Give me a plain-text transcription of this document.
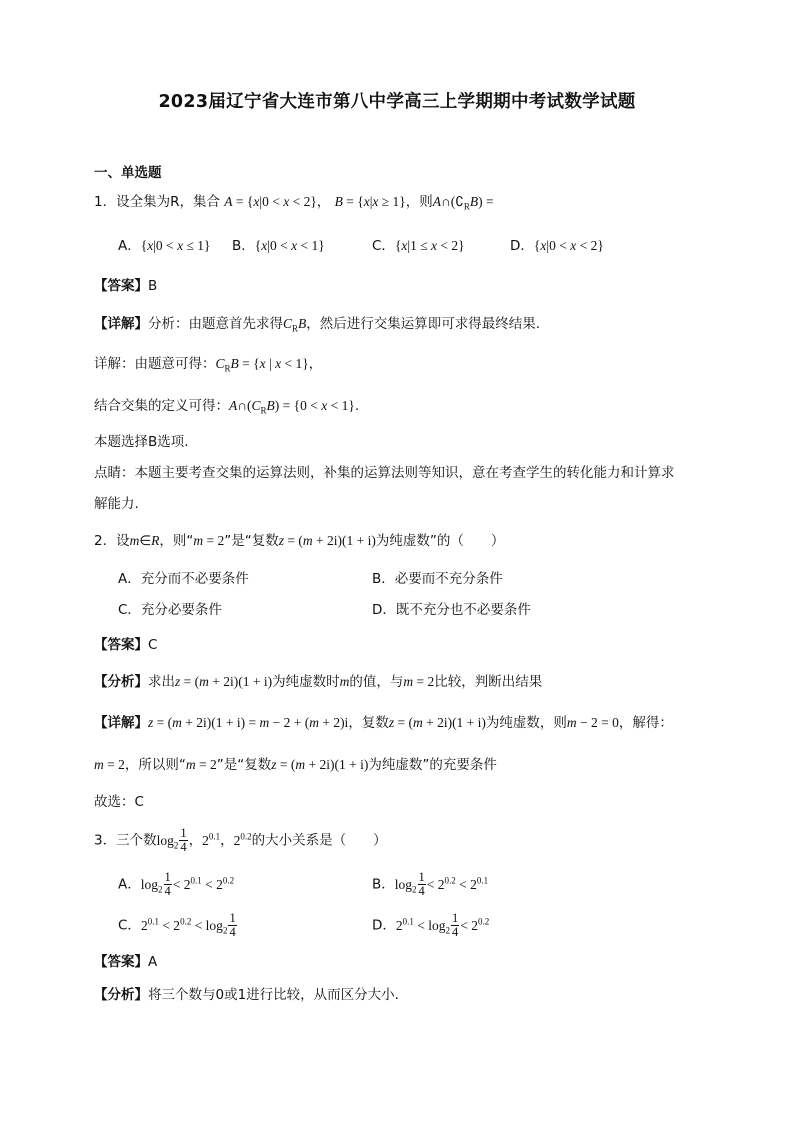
2023届辽宁省大连市第八中学高三上学期期中考试数学试题
一、单选题
1．设全集为R，集合 A = {x|0 < x < 2}， B = {x|x ≥ 1}，则$A\cap(∁_RB)$ =
A．{x|0 < x ≤ 1} B．{x|0 < x < 1}	C．{x|1 ≤ x < 2}	D．{x|0 < x < 2}
【答案】B
【详解】分析：由题意首先求得$C_RB$，然后进行交集运算即可求得最终结果.
详解：由题意可得：$C_RB = \{x$ | x < 1}，
结合交集的定义可得：$A\cap(C_RB) = \{0 < x < 1\}$.
本题选择B选项.
点睛：本题主要考查交集的运算法则，补集的运算法则等知识，意在考查学生的转化能力和计算求
解能力.
2．设m∈R，则“m = 2”是“复数z = (m + 2i)(1 + i)为纯虚数”的（　　）
A．充分而不必要条件	B．必要而不充分条件
C．充分必要条件	D．既不充分也不必要条件
【答案】C
【分析】求出z = (m + 2i)(1 + i)为纯虚数时m的值，与m = 2比较，判断出结果
【详解】z = (m + 2i)(1 + i) = m − 2 + (m + 2)i，复数z = (m + 2i)(1 + i)为纯虚数，则m − 2 = 0，解得：
m = 2，所以则“m = 2”是“复数z = (m + 2i)(1 + i)为纯虚数”的充要条件
故选：C
3．三个数$\log_2 \frac{1}{4}$ ，$2^{0.1}$，$2^{0.2}$的大小关系是（　　）
A．$\log_2 \frac{1}{4} < 2^{0.1} < 2^{0.2}$	B．$\log_2 \frac{1}{4} < 2^{0.2} < 2^{0.1}$
C．$2^{0.1} < 2^{0.2} < \log_2 \frac{1}{4}$	D．$2^{0.1} < \log_2 \frac{1}{4} < 2^{0.2}$
【答案】A
【分析】将三个数与0或1进行比较，从而区分大小.
